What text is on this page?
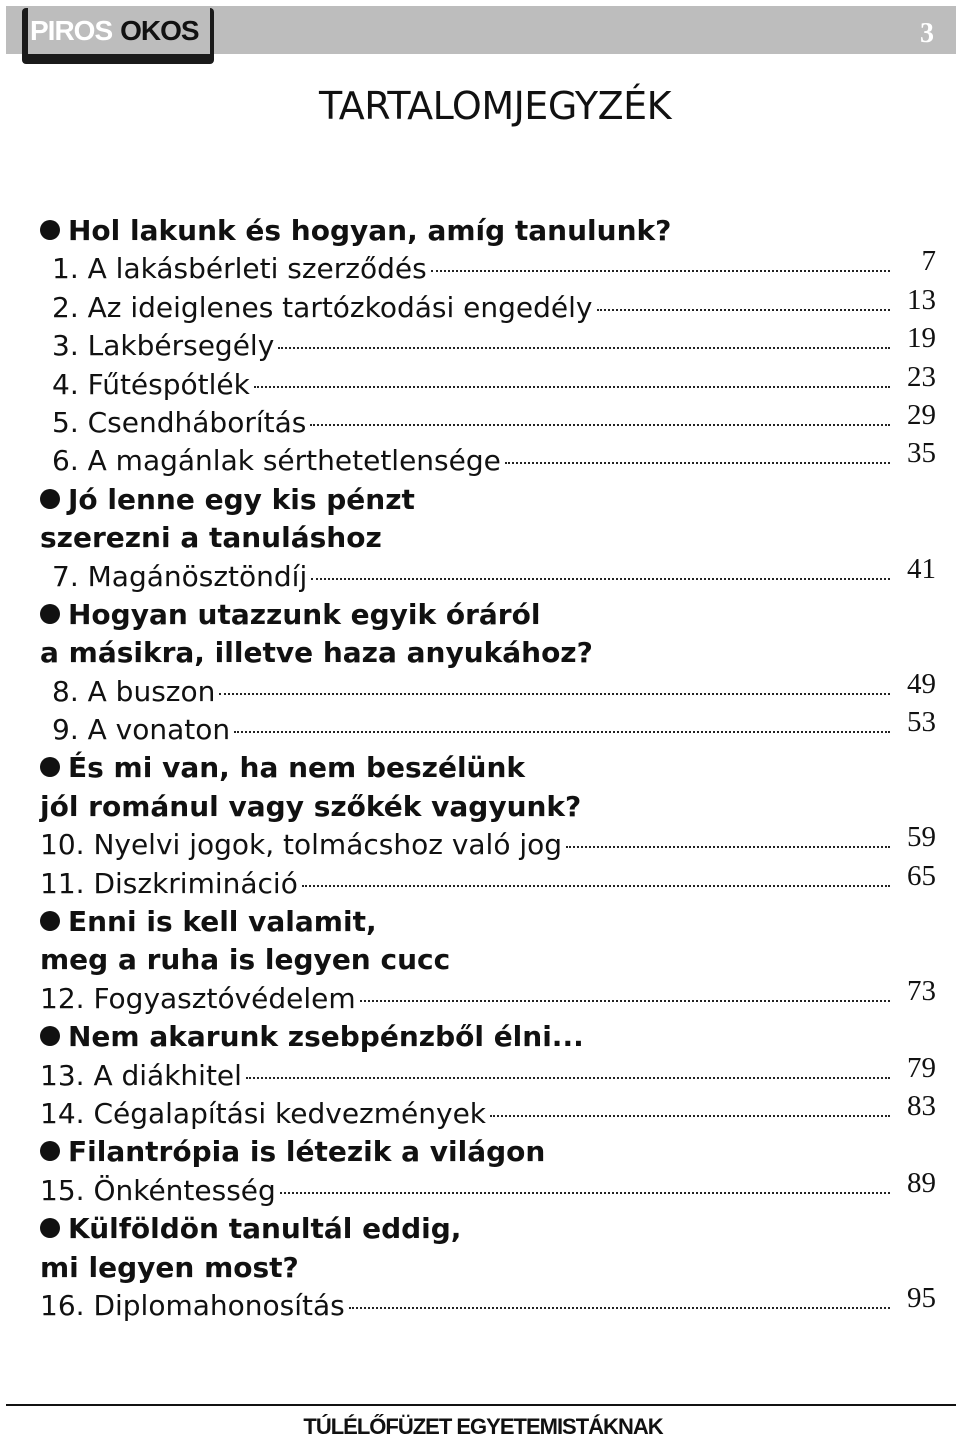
PIROS OKOS	3
TARTALOMJEGYZÉK
Hol lakunk és hogyan, amíg tanulunk?
1. A lakásbérleti szerződés	7
2. Az ideiglenes tartózkodási engedély	13
3. Lakbérsegély	19
4. Fűtéspótlék	23
5. Csendháborítás	29
6. A magánlak sérthetetlensége	35
Jó lenne egy kis pénzt
szerezni a tanuláshoz
7. Magánösztöndíj	41
Hogyan utazzunk egyik óráról
a másikra, illetve haza anyukához?
8. A buszon	49
9. A vonaton	53
És mi van, ha nem beszélünk
jól románul vagy szőkék vagyunk?
10. Nyelvi jogok, tolmácshoz való jog	59
11. Diszkrimináció	65
Enni is kell valamit,
meg a ruha is legyen cucc
12. Fogyasztóvédelem	73
Nem akarunk zsebpénzből élni...
13. A diákhitel	79
14. Cégalapítási kedvezmények	83
Filantrópia is létezik a világon
15. Önkéntesség	89
Külföldön tanultál eddig,
mi legyen most?
16. Diplomahonosítás	95
TÚLÉLŐFÜZET EGYETEMISTÁKNAK
